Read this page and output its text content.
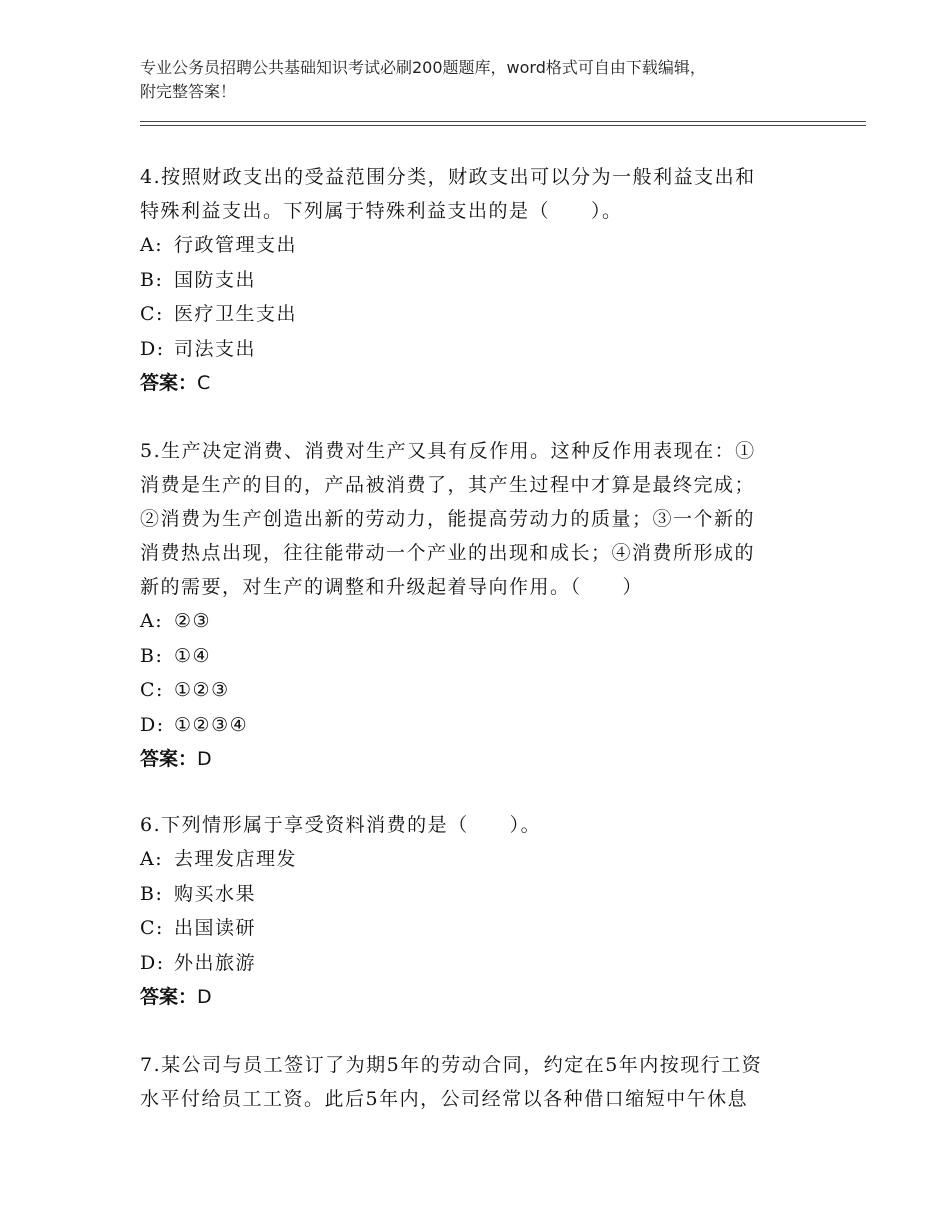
专业公务员招聘公共基础知识考试必刷200题题库，word格式可自由下载编辑，
附完整答案！
4.按照财政支出的受益范围分类，财政支出可以分为一般利益支出和
特殊利益支出。下列属于特殊利益支出的是（　　）。
A: 行政管理支出
B: 国防支出
C: 医疗卫生支出
D: 司法支出
答案：C
5.生产决定消费、消费对生产又具有反作用。这种反作用表现在：①
消费是生产的目的，产品被消费了，其产生过程中才算是最终完成；
②消费为生产创造出新的劳动力，能提高劳动力的质量；③一个新的
消费热点出现，往往能带动一个产业的出现和成长；④消费所形成的
新的需要，对生产的调整和升级起着导向作用。（　　）
A: ②③
B: ①④
C: ①②③
D: ①②③④
答案：D
6.下列情形属于享受资料消费的是（　　）。
A: 去理发店理发
B: 购买水果
C: 出国读研
D: 外出旅游
答案：D
7.某公司与员工签订了为期5年的劳动合同，约定在5年内按现行工资
水平付给员工工资。此后5年内，公司经常以各种借口缩短中午休息
